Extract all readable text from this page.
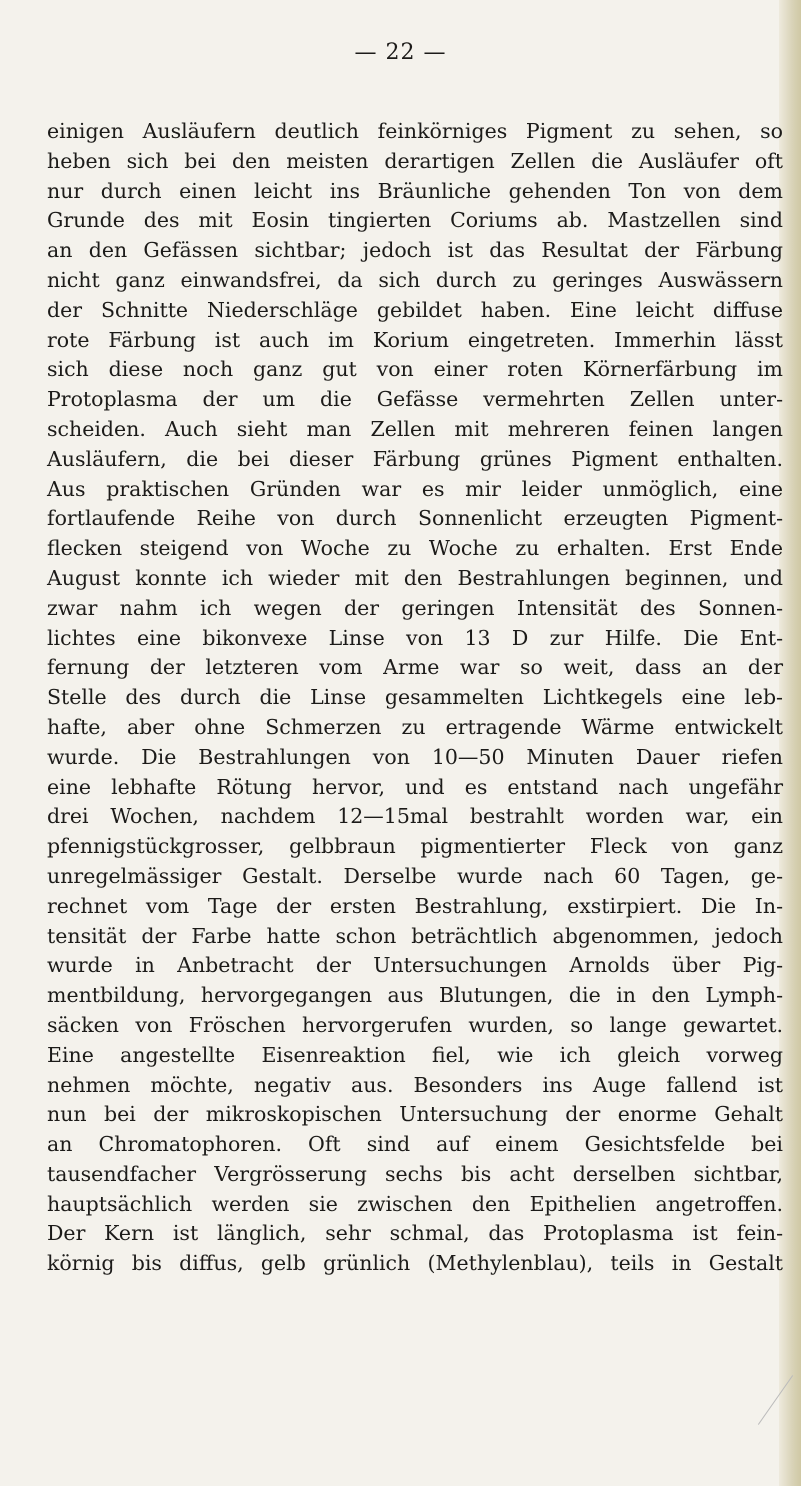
— 22 —
einigen Ausläufern deutlich feinkörniges Pigment zu sehen, so
heben sich bei den meisten derartigen Zellen die Ausläufer oft
nur durch einen leicht ins Bräunliche gehenden Ton von dem
Grunde des mit Eosin tingierten Coriums ab. Mastzellen sind
an den Gefässen sichtbar; jedoch ist das Resultat der Färbung
nicht ganz einwandsfrei, da sich durch zu geringes Auswässern
der Schnitte Niederschläge gebildet haben. Eine leicht diffuse
rote Färbung ist auch im Korium eingetreten. Immerhin lässt
sich diese noch ganz gut von einer roten Körnerfärbung im
Protoplasma der um die Gefässe vermehrten Zellen unter-
scheiden. Auch sieht man Zellen mit mehreren feinen langen
Ausläufern, die bei dieser Färbung grünes Pigment enthalten.
Aus praktischen Gründen war es mir leider unmöglich, eine
fortlaufende Reihe von durch Sonnenlicht erzeugten Pigment-
flecken steigend von Woche zu Woche zu erhalten. Erst Ende
August konnte ich wieder mit den Bestrahlungen beginnen, und
zwar nahm ich wegen der geringen Intensität des Sonnen-
lichtes eine bikonvexe Linse von 13 D zur Hilfe. Die Ent-
fernung der letzteren vom Arme war so weit, dass an der
Stelle des durch die Linse gesammelten Lichtkegels eine leb-
hafte, aber ohne Schmerzen zu ertragende Wärme entwickelt
wurde. Die Bestrahlungen von 10—50 Minuten Dauer riefen
eine lebhafte Rötung hervor, und es entstand nach ungefähr
drei Wochen, nachdem 12—15mal bestrahlt worden war, ein
pfennigstückgrosser, gelbbraun pigmentierter Fleck von ganz
unregelmässiger Gestalt. Derselbe wurde nach 60 Tagen, ge-
rechnet vom Tage der ersten Bestrahlung, exstirpiert. Die In-
tensität der Farbe hatte schon beträchtlich abgenommen, jedoch
wurde in Anbetracht der Untersuchungen Arnolds über Pig-
mentbildung, hervorgegangen aus Blutungen, die in den Lymph-
säcken von Fröschen hervorgerufen wurden, so lange gewartet.
Eine angestellte Eisenreaktion fiel, wie ich gleich vorweg
nehmen möchte, negativ aus. Besonders ins Auge fallend ist
nun bei der mikroskopischen Untersuchung der enorme Gehalt
an Chromatophoren. Oft sind auf einem Gesichtsfelde bei
tausendfacher Vergrösserung sechs bis acht derselben sichtbar,
hauptsächlich werden sie zwischen den Epithelien angetroffen.
Der Kern ist länglich, sehr schmal, das Protoplasma ist fein-
körnig bis diffus, gelb grünlich (Methylenblau), teils in Gestalt
